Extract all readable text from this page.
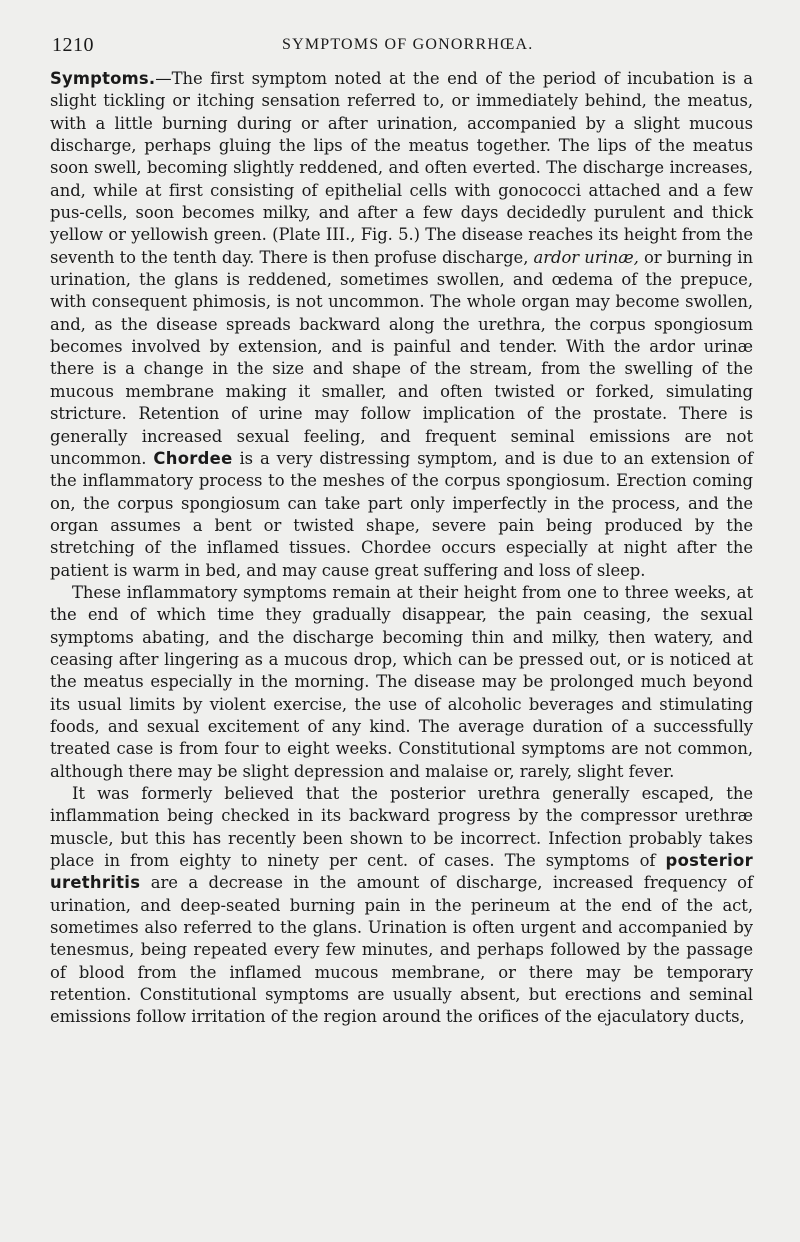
1210	SYMPTOMS OF GONORRHŒA.

Symptoms.—The first symptom noted at the end of the period of incubation is a slight tickling or itching sensation referred to, or immediately behind, the meatus, with a little burning during or after urination, accompanied by a slight mucous discharge, perhaps gluing the lips of the meatus together. The lips of the meatus soon swell, becoming slightly reddened, and often everted. The discharge increases, and, while at first consisting of epithelial cells with gonococci attached and a few pus-cells, soon becomes milky, and after a few days decidedly purulent and thick yellow or yellowish green. (Plate III., Fig. 5.) The disease reaches its height from the seventh to the tenth day. There is then profuse discharge, ardor urinæ, or burning in urination, the glans is reddened, sometimes swollen, and œdema of the prepuce, with consequent phimosis, is not uncommon. The whole organ may become swollen, and, as the disease spreads backward along the urethra, the corpus spongiosum becomes involved by extension, and is painful and tender. With the ardor urinæ there is a change in the size and shape of the stream, from the swelling of the mucous membrane making it smaller, and often twisted or forked, simulating stricture. Retention of urine may follow implication of the prostate. There is generally increased sexual feeling, and frequent seminal emissions are not uncommon. Chordee is a very distressing symptom, and is due to an extension of the inflammatory process to the meshes of the corpus spongiosum. Erection coming on, the corpus spongiosum can take part only imperfectly in the process, and the organ assumes a bent or twisted shape, severe pain being produced by the stretching of the inflamed tissues. Chordee occurs especially at night after the patient is warm in bed, and may cause great suffering and loss of sleep.

These inflammatory symptoms remain at their height from one to three weeks, at the end of which time they gradually disappear, the pain ceasing, the sexual symptoms abating, and the discharge becoming thin and milky, then watery, and ceasing after lingering as a mucous drop, which can be pressed out, or is noticed at the meatus especially in the morning. The disease may be prolonged much beyond its usual limits by violent exercise, the use of alcoholic beverages and stimulating foods, and sexual excitement of any kind. The average duration of a successfully treated case is from four to eight weeks. Constitutional symptoms are not common, although there may be slight depression and malaise or, rarely, slight fever.

It was formerly believed that the posterior urethra generally escaped, the inflammation being checked in its backward progress by the compressor urethræ muscle, but this has recently been shown to be incorrect. Infection probably takes place in from eighty to ninety per cent. of cases. The symptoms of posterior urethritis are a decrease in the amount of discharge, increased frequency of urination, and deep-seated burning pain in the perineum at the end of the act, sometimes also referred to the glans. Urination is often urgent and accompanied by tenesmus, being repeated every few minutes, and perhaps followed by the passage of blood from the inflamed mucous membrane, or there may be temporary retention. Constitutional symptoms are usually absent, but erections and seminal emissions follow irritation of the region around the orifices of the ejaculatory ducts,
